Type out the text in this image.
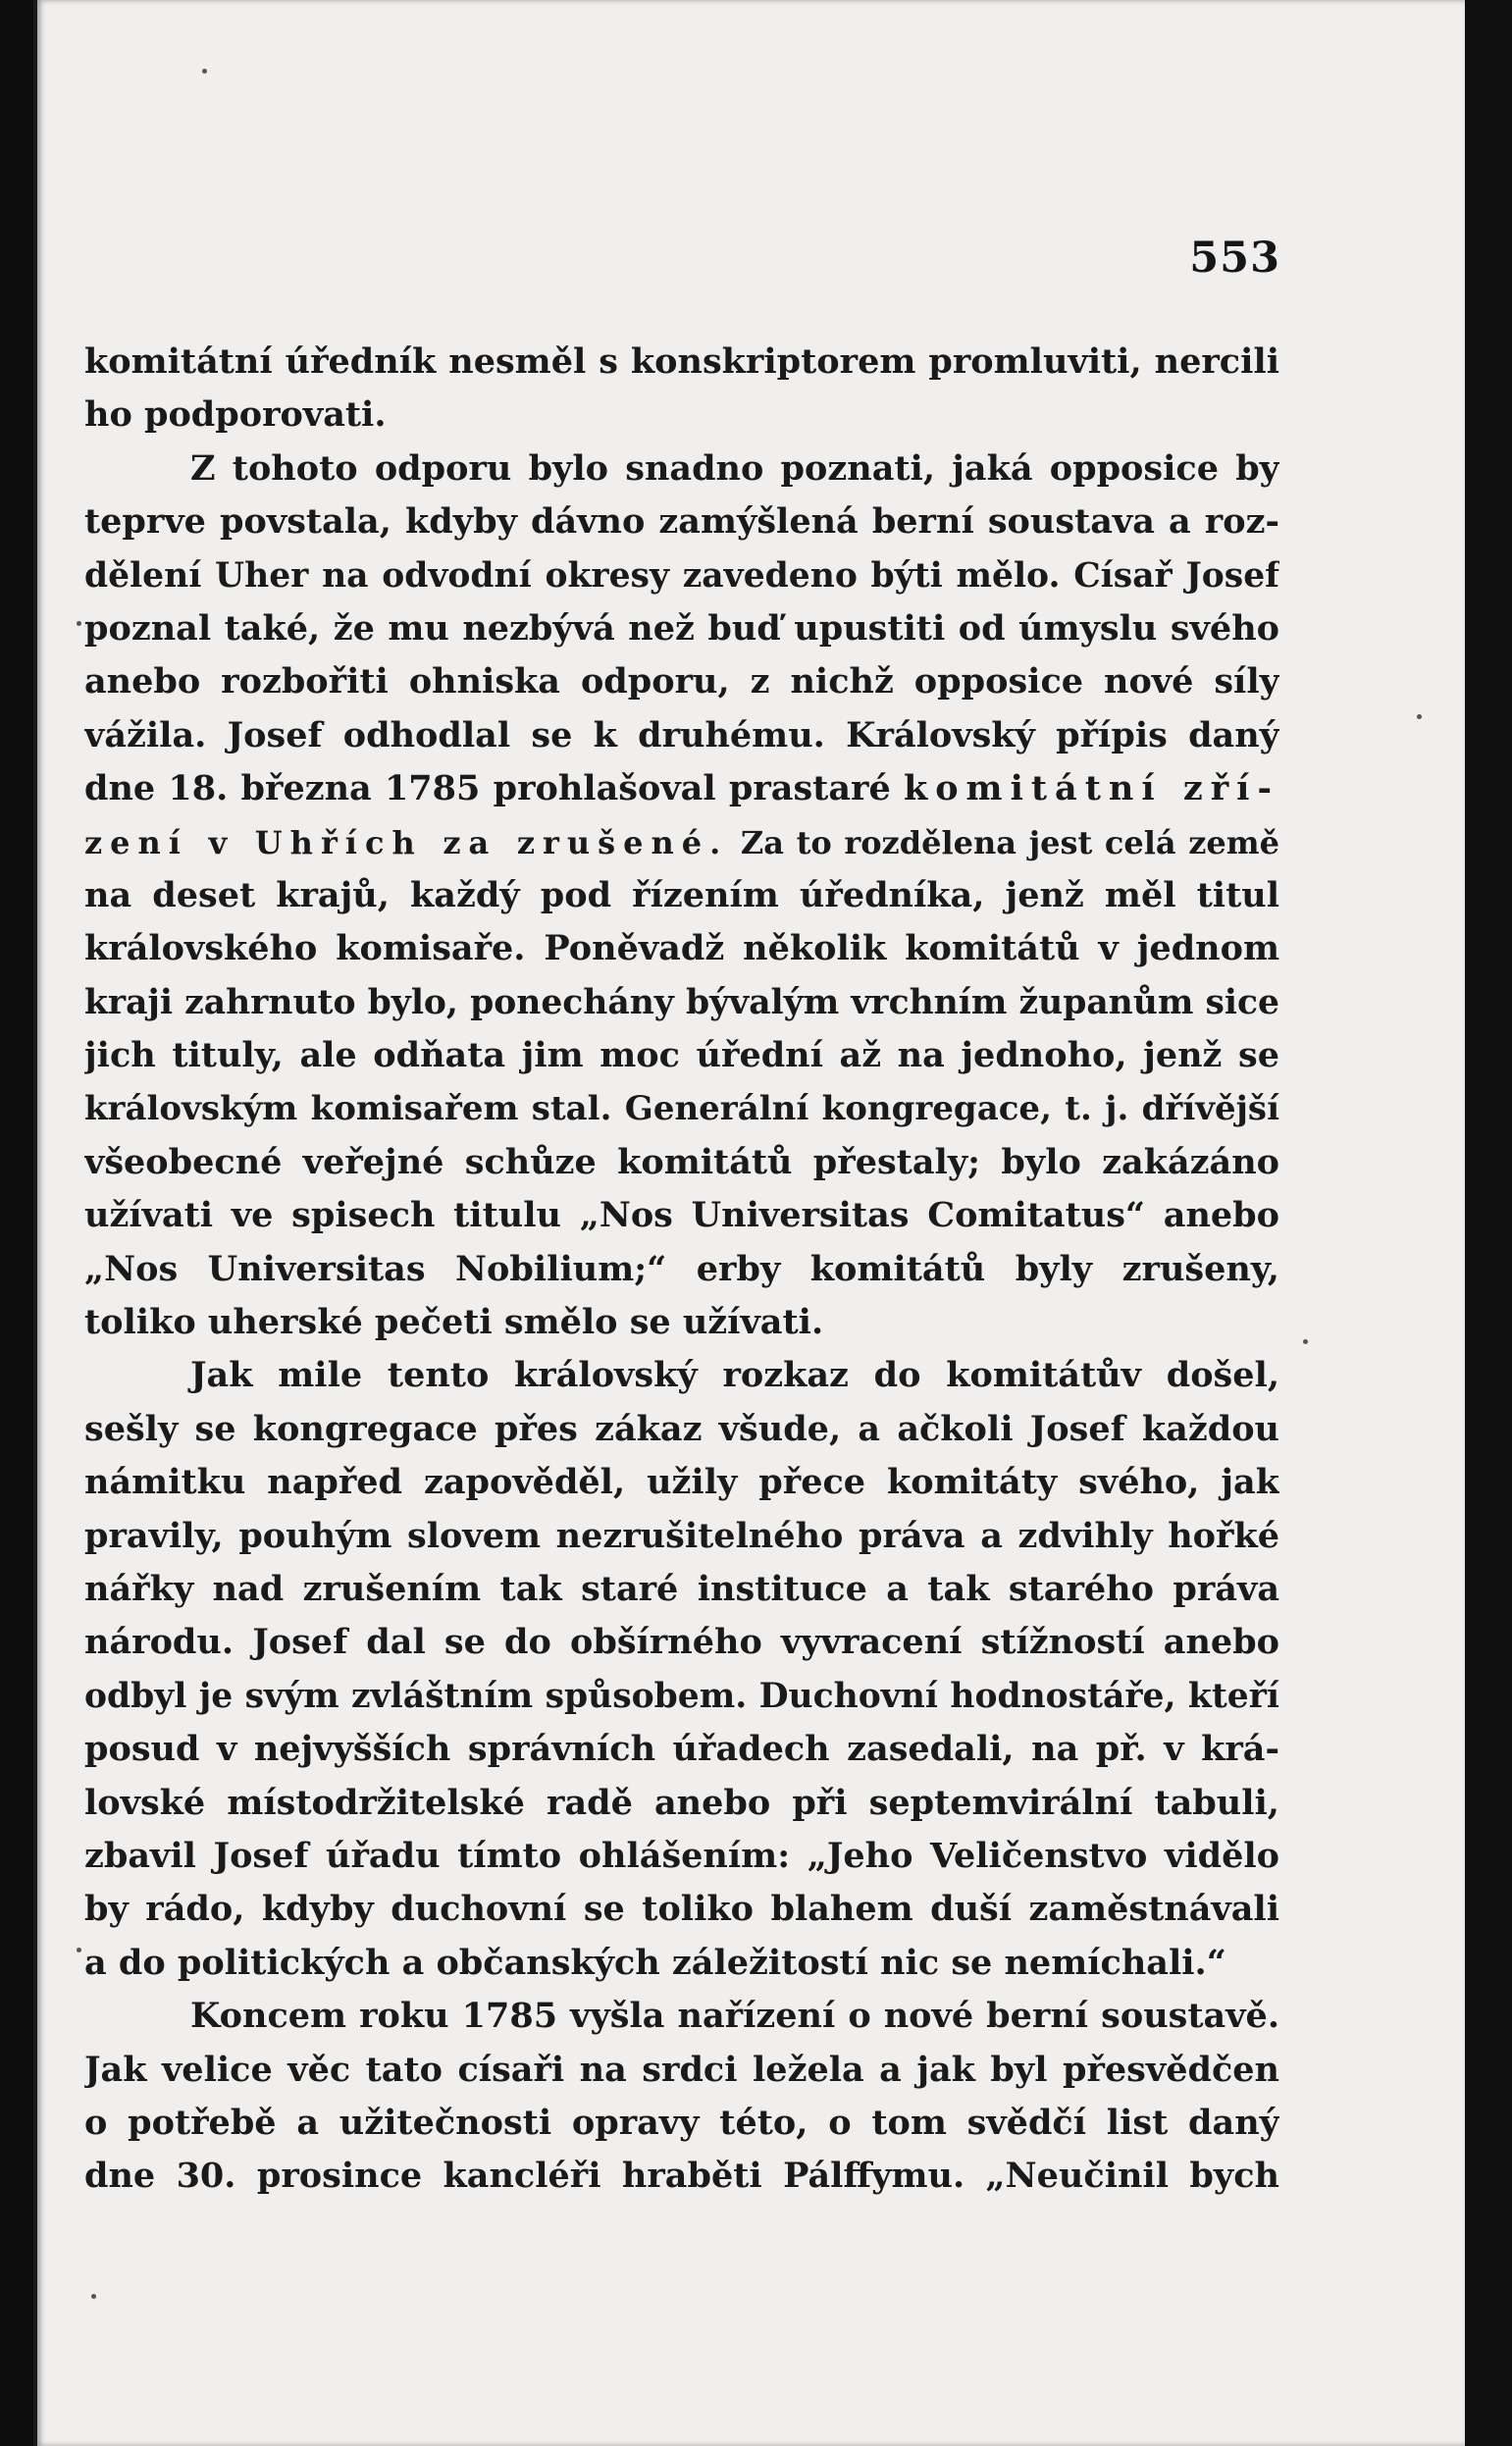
553
komitátní úředník nesměl s konskriptorem promluviti, nercili
ho podporovati.
Z tohoto odporu bylo snadno poznati, jaká opposice by
teprve povstala, kdyby dávno zamýšlená berní soustava a roz-
dělení Uher na odvodní okresy zavedeno býti mělo. Císař Josef
poznal také, že mu nezbývá než buď upustiti od úmyslu svého
anebo rozbořiti ohniska odporu, z nichž opposice nové síly
vážila. Josef odhodlal se k druhému. Královský přípis daný
dne 18. března 1785 prohlašoval prastaré komitátní zří-
zení v Uhřích za zrušené. Za to rozdělena jest celá země
na deset krajů, každý pod řízením úředníka, jenž měl titul
královského komisaře. Poněvadž několik komitátů v jednom
kraji zahrnuto bylo, ponechány bývalým vrchním županům sice
jich tituly, ale odňata jim moc úřední až na jednoho, jenž se
královským komisařem stal. Generální kongregace, t. j. dřívější
všeobecné veřejné schůze komitátů přestaly; bylo zakázáno
užívati ve spisech titulu „Nos Universitas Comitatus“ anebo
„Nos Universitas Nobilium;“ erby komitátů byly zrušeny,
toliko uherské pečeti smělo se užívati.
Jak mile tento královský rozkaz do komitátův došel,
sešly se kongregace přes zákaz všude, a ačkoli Josef každou
námitku napřed zapověděl, užily přece komitáty svého, jak
pravily, pouhým slovem nezrušitelného práva a zdvihly hořké
nářky nad zrušením tak staré instituce a tak starého práva
národu. Josef dal se do obšírného vyvracení stížností anebo
odbyl je svým zvláštním spůsobem. Duchovní hodnostáře, kteří
posud v nejvyšších správních úřadech zasedali, na př. v krá-
lovské místodržitelské radě anebo při septemvirální tabuli,
zbavil Josef úřadu tímto ohlášením: „Jeho Veličenstvo vidělo
by rádo, kdyby duchovní se toliko blahem duší zaměstnávali
a do politických a občanských záležitostí nic se nemíchali.“
Koncem roku 1785 vyšla nařízení o nové berní soustavě.
Jak velice věc tato císaři na srdci ležela a jak byl přesvědčen
o potřebě a užitečnosti opravy této, o tom svědčí list daný
dne 30. prosince kancléři hraběti Pálffymu. „Neučinil bych
